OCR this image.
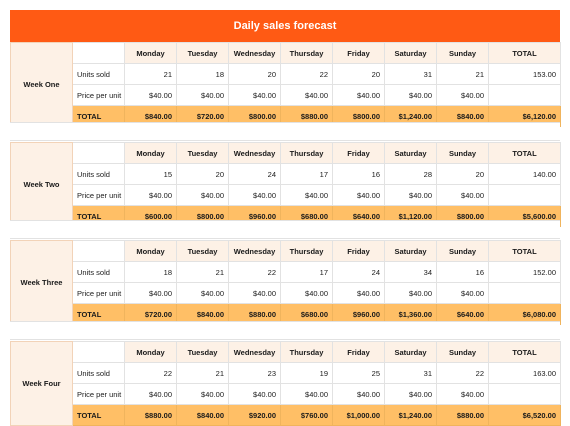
Daily sales forecast
Week One		Monday	Tuesday	Wednesday	Thursday	Friday	Saturday	Sunday	TOTAL
	Units sold	21	18	20	22	20	31	21	153.00
	Price per unit	$40.00	$40.00	$40.00	$40.00	$40.00	$40.00	$40.00	
	TOTAL	$840.00	$720.00	$800.00	$880.00	$800.00	$1,240.00	$840.00	$6,120.00
Week Two		Monday	Tuesday	Wednesday	Thursday	Friday	Saturday	Sunday	TOTAL
	Units sold	15	20	24	17	16	28	20	140.00
	Price per unit	$40.00	$40.00	$40.00	$40.00	$40.00	$40.00	$40.00	
	TOTAL	$600.00	$800.00	$960.00	$680.00	$640.00	$1,120.00	$800.00	$5,600.00
Week Three		Monday	Tuesday	Wednesday	Thursday	Friday	Saturday	Sunday	TOTAL
	Units sold	18	21	22	17	24	34	16	152.00
	Price per unit	$40.00	$40.00	$40.00	$40.00	$40.00	$40.00	$40.00	
	TOTAL	$720.00	$840.00	$880.00	$680.00	$960.00	$1,360.00	$640.00	$6,080.00
Week Four		Monday	Tuesday	Wednesday	Thursday	Friday	Saturday	Sunday	TOTAL
	Units sold	22	21	23	19	25	31	22	163.00
	Price per unit	$40.00	$40.00	$40.00	$40.00	$40.00	$40.00	$40.00	
	TOTAL	$880.00	$840.00	$920.00	$760.00	$1,000.00	$1,240.00	$880.00	$6,520.00
